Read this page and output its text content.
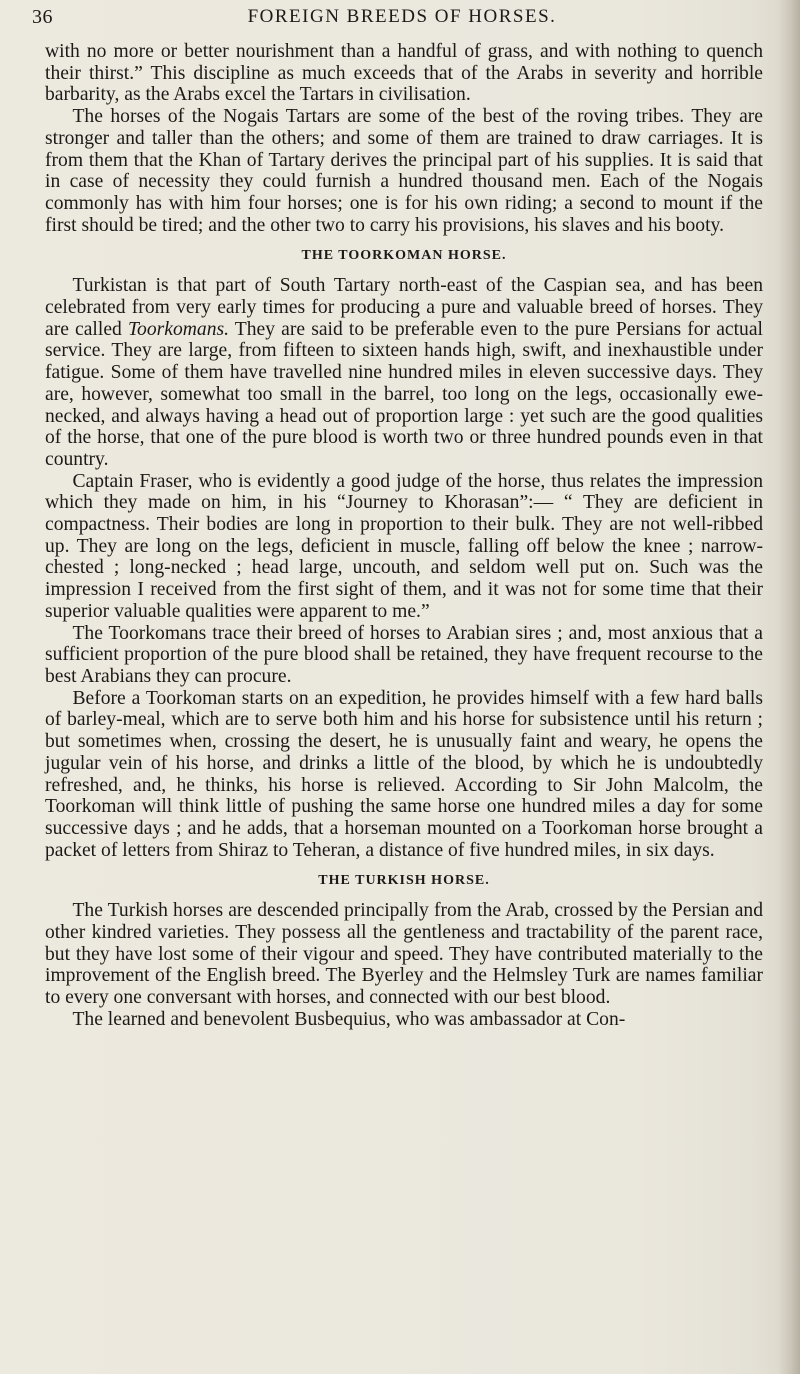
36	FOREIGN BREEDS OF HORSES.

with no more or better nourishment than a handful of grass, and with nothing to quench their thirst.” This discipline as much exceeds that of the Arabs in severity and horrible barbarity, as the Arabs excel the Tartars in civilisation.

The horses of the Nogais Tartars are some of the best of the roving tribes. They are stronger and taller than the others; and some of them are trained to draw carriages. It is from them that the Khan of Tartary derives the principal part of his supplies. It is said that in case of necessity they could furnish a hundred thousand men. Each of the Nogais commonly has with him four horses; one is for his own riding; a second to mount if the first should be tired; and the other two to carry his provisions, his slaves and his booty.

THE TOORKOMAN HORSE.

Turkistan is that part of South Tartary north-east of the Caspian sea, and has been celebrated from very early times for producing a pure and valuable breed of horses. They are called Toorkomans. They are said to be preferable even to the pure Persians for actual service. They are large, from fifteen to sixteen hands high, swift, and inexhaustible under fatigue. Some of them have travelled nine hundred miles in eleven successive days. They are, however, somewhat too small in the barrel, too long on the legs, occasionally ewe-necked, and always having a head out of proportion large : yet such are the good qualities of the horse, that one of the pure blood is worth two or three hundred pounds even in that country.

Captain Fraser, who is evidently a good judge of the horse, thus relates the impression which they made on him, in his “Journey to Khorasan”:— “ They are deficient in compactness. Their bodies are long in proportion to their bulk. They are not well-ribbed up. They are long on the legs, deficient in muscle, falling off below the knee ; narrow-chested ; long-necked ; head large, uncouth, and seldom well put on. Such was the impression I received from the first sight of them, and it was not for some time that their superior valuable qualities were apparent to me.”

The Toorkomans trace their breed of horses to Arabian sires ; and, most anxious that a sufficient proportion of the pure blood shall be retained, they have frequent recourse to the best Arabians they can procure.

Before a Toorkoman starts on an expedition, he provides himself with a few hard balls of barley-meal, which are to serve both him and his horse for subsistence until his return ; but sometimes when, crossing the desert, he is unusually faint and weary, he opens the jugular vein of his horse, and drinks a little of the blood, by which he is undoubtedly refreshed, and, he thinks, his horse is relieved. According to Sir John Malcolm, the Toorkoman will think little of pushing the same horse one hundred miles a day for some successive days ; and he adds, that a horseman mounted on a Toorkoman horse brought a packet of letters from Shiraz to Teheran, a distance of five hundred miles, in six days.

THE TURKISH HORSE.

The Turkish horses are descended principally from the Arab, crossed by the Persian and other kindred varieties. They possess all the gentleness and tractability of the parent race, but they have lost some of their vigour and speed. They have contributed materially to the improvement of the English breed. The Byerley and the Helmsley Turk are names familiar to every one conversant with horses, and connected with our best blood.

The learned and benevolent Busbequius, who was ambassador at Con-
